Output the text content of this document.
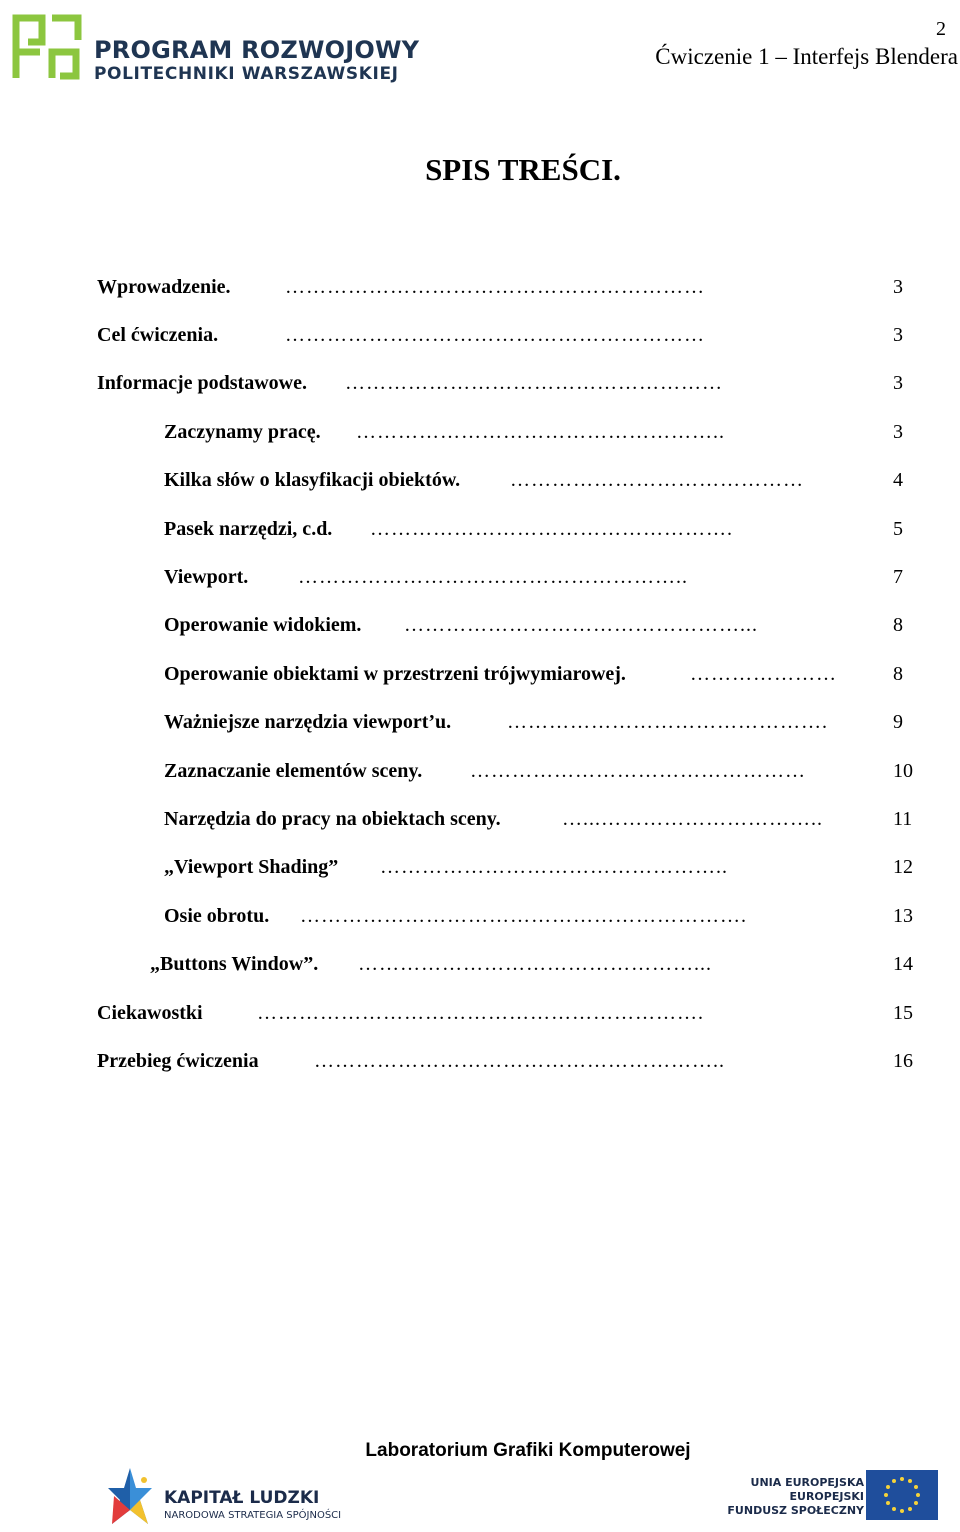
PROGRAM ROZWOJOWY
POLITECHNIKI WARSZAWSKIEJ
2
Ćwiczenie 1 – Interfejs Blendera
SPIS TREŚCI.
Wprowadzenie.	……………………………………………………	3
Cel ćwiczenia.	……………………………………………………	3
Informacje podstawowe. ………………………………………………	3
Zaczynamy pracę. ……………………………………………..	3
Kilka słów o klasyfikacji obiektów. ……………………………………	4
Pasek narzędzi, c.d. …………………………………………….	5
Viewport. ………………………………………………..	7
Operowanie widokiem. …………………………………………...	8
Operowanie obiektami w przestrzeni trójwymiarowej.	…………………	8
Ważniejsze narzędzia viewport’u.	……………………………………….	9
Zaznaczanie elementów sceny. …………………………………………	10
Narzędzia do pracy na obiektach sceny.	…...…………………………..	11
„Viewport Shading” …………………………………………..	12
Osie obrotu. ……………………………………………………….	13
„Buttons Window”. …………………………………………...	14
Ciekawostki	……………………………………………………….	15
Przebieg ćwiczenia	…………………………………………………..	16
Laboratorium Grafiki Komputerowej
KAPITAŁ LUDZKI
NARODOWA STRATEGIA SPÓJNOŚCI
UNIA EUROPEJSKA
EUROPEJSKI
FUNDUSZ SPOŁECZNY
